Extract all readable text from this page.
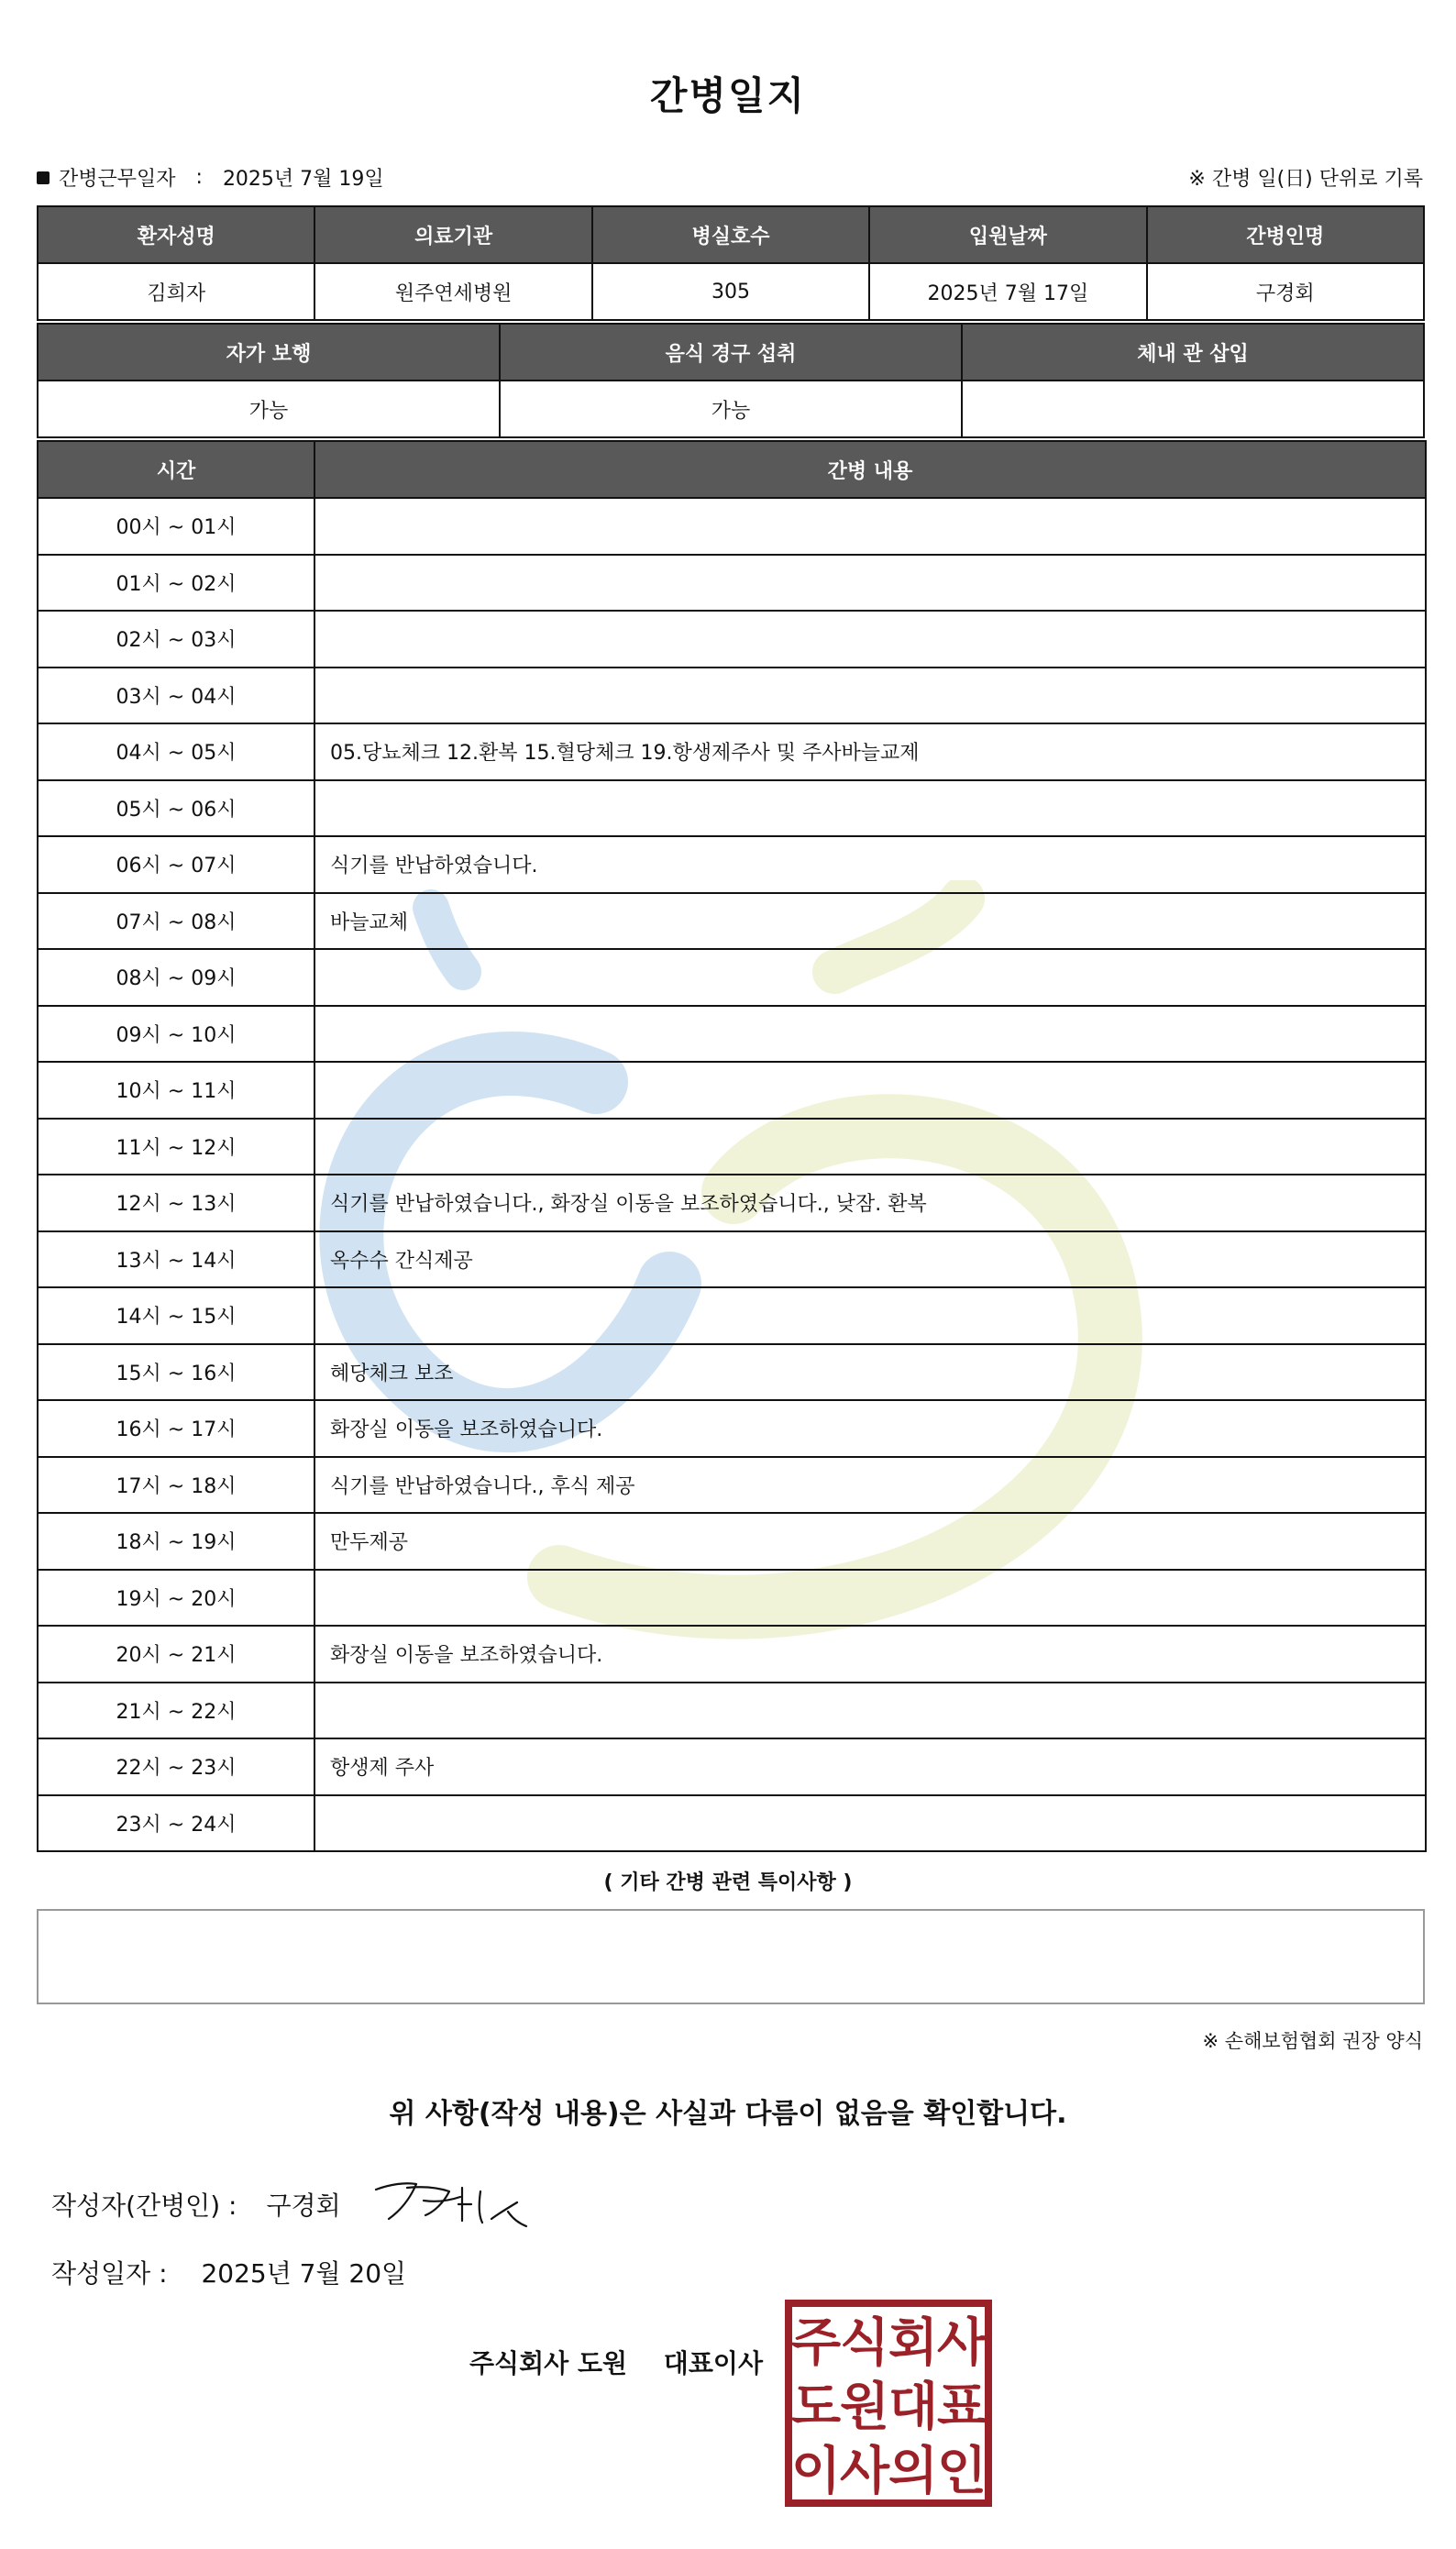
간병일지
간병근무일자 : 2025년 7월 19일	※ 간병 일(日) 단위로 기록
환자성명	의료기관	병실호수	입원날짜	간병인명
김희자	원주연세병원	305	2025년 7월 17일	구경회
자가 보행	음식 경구 섭취	체내 관 삽입
가능	가능	
시간	간병 내용
00시 ~ 01시	
01시 ~ 02시	
02시 ~ 03시	
03시 ~ 04시	
04시 ~ 05시	05.당뇨체크 12.환복 15.혈당체크 19.항생제주사 및 주사바늘교제
05시 ~ 06시	
06시 ~ 07시	식기를 반납하였습니다.
07시 ~ 08시	바늘교체
08시 ~ 09시	
09시 ~ 10시	
10시 ~ 11시	
11시 ~ 12시	
12시 ~ 13시	식기를 반납하였습니다., 화장실 이동을 보조하였습니다., 낮잠. 환복
13시 ~ 14시	옥수수 간식제공
14시 ~ 15시	
15시 ~ 16시	혜당체크 보조
16시 ~ 17시	화장실 이동을 보조하였습니다.
17시 ~ 18시	식기를 반납하였습니다., 후식 제공
18시 ~ 19시	만두제공
19시 ~ 20시	
20시 ~ 21시	화장실 이동을 보조하였습니다.
21시 ~ 22시	
22시 ~ 23시	항생제 주사
23시 ~ 24시	
( 기타 간병 관련 특이사항 )
※ 손해보험협회 권장 양식
위 사항(작성 내용)은 사실과 다름이 없음을 확인합니다.
작성자(간병인) : 구경회
작성일자 : 2025년 7월 20일
주식회사 도원 대표이사 주
식
회
사
도
원
대
표
이
사
의
인
